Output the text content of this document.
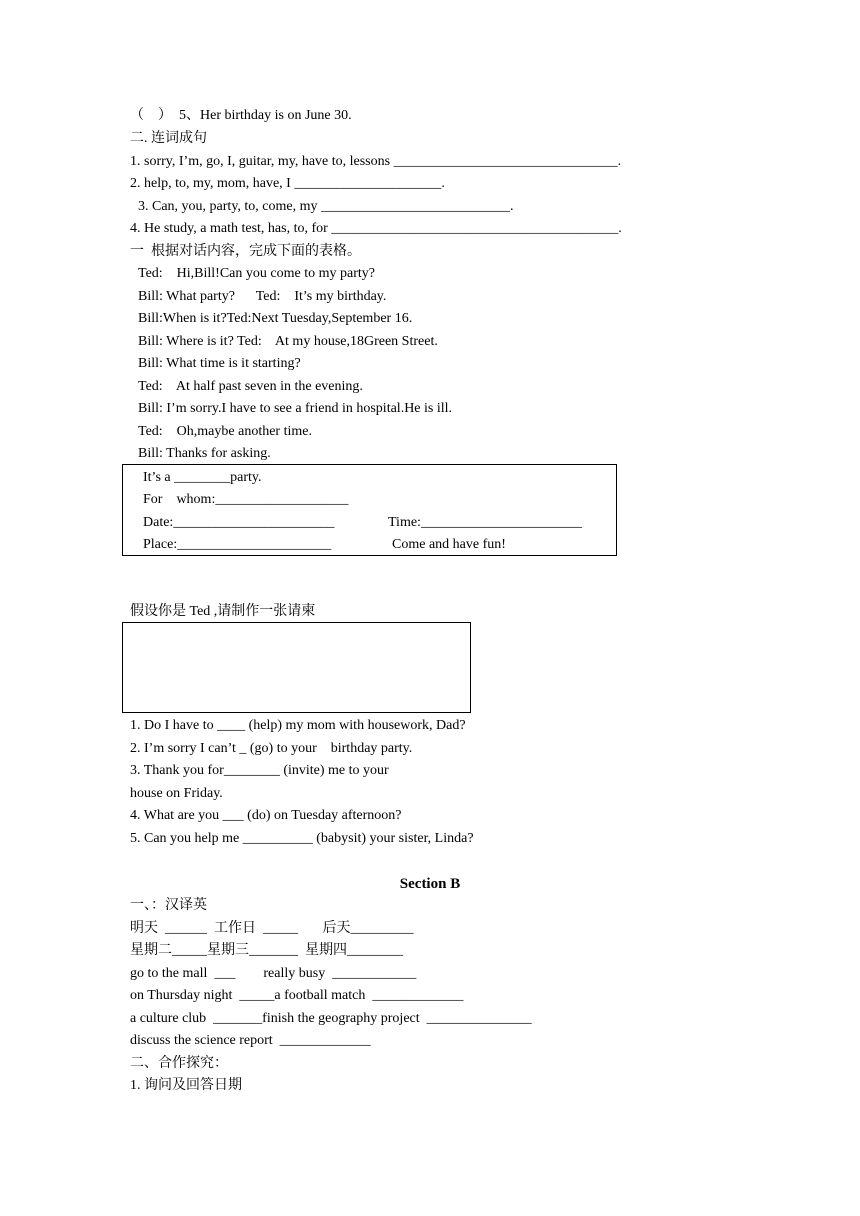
（　）　5、Her birthday is on June 30.
二. 连词成句
1. sorry, I’m, go, I, guitar, my, have to, lessons ________________________________.
2. help, to, my, mom, have, I _____________________.
3. Can, you, party, to, come, my ___________________________.
4. He study, a math test, has, to, for _________________________________________.
一  根据对话内容，完成下面的表格。
Ted:    Hi,Bill!Can you come to my party?
Bill: What party?      Ted:    It’s my birthday.
Bill:When is it?Ted:Next Tuesday,September 16.
Bill: Where is it? Ted:    At my house,18Green Street.
Bill: What time is it starting?
Ted:    At half past seven in the evening.
Bill: I’m sorry.I have to see a friend in hospital.He is ill.
Ted:    Oh,maybe another time.
Bill: Thanks for asking.
It’s a ________party.
For    whom:___________________
Date:_______________________	Time:_______________________
Place:______________________	Come and have fun!
假设你是 Ted ,请制作一张请柬
1. Do I have to ____ (help) my mom with housework, Dad?
2. I’m sorry I can’t _ (go) to your    birthday party.
3. Thank you for________ (invite) me to your
house on Friday.
4. What are you ___ (do) on Tuesday afternoon?
5. Can you help me __________ (babysit) your sister, Linda?
Section B
一、：汉译英
明天  ______  工作日  _____       后天_________
星期二_____星期三_______  星期四________
go to the mall  ___        really busy  ____________
on Thursday night  _____a football match  _____________
a culture club  _______finish the geography project  _______________
discuss the science report  _____________
二、合作探究：
1. 询问及回答日期
